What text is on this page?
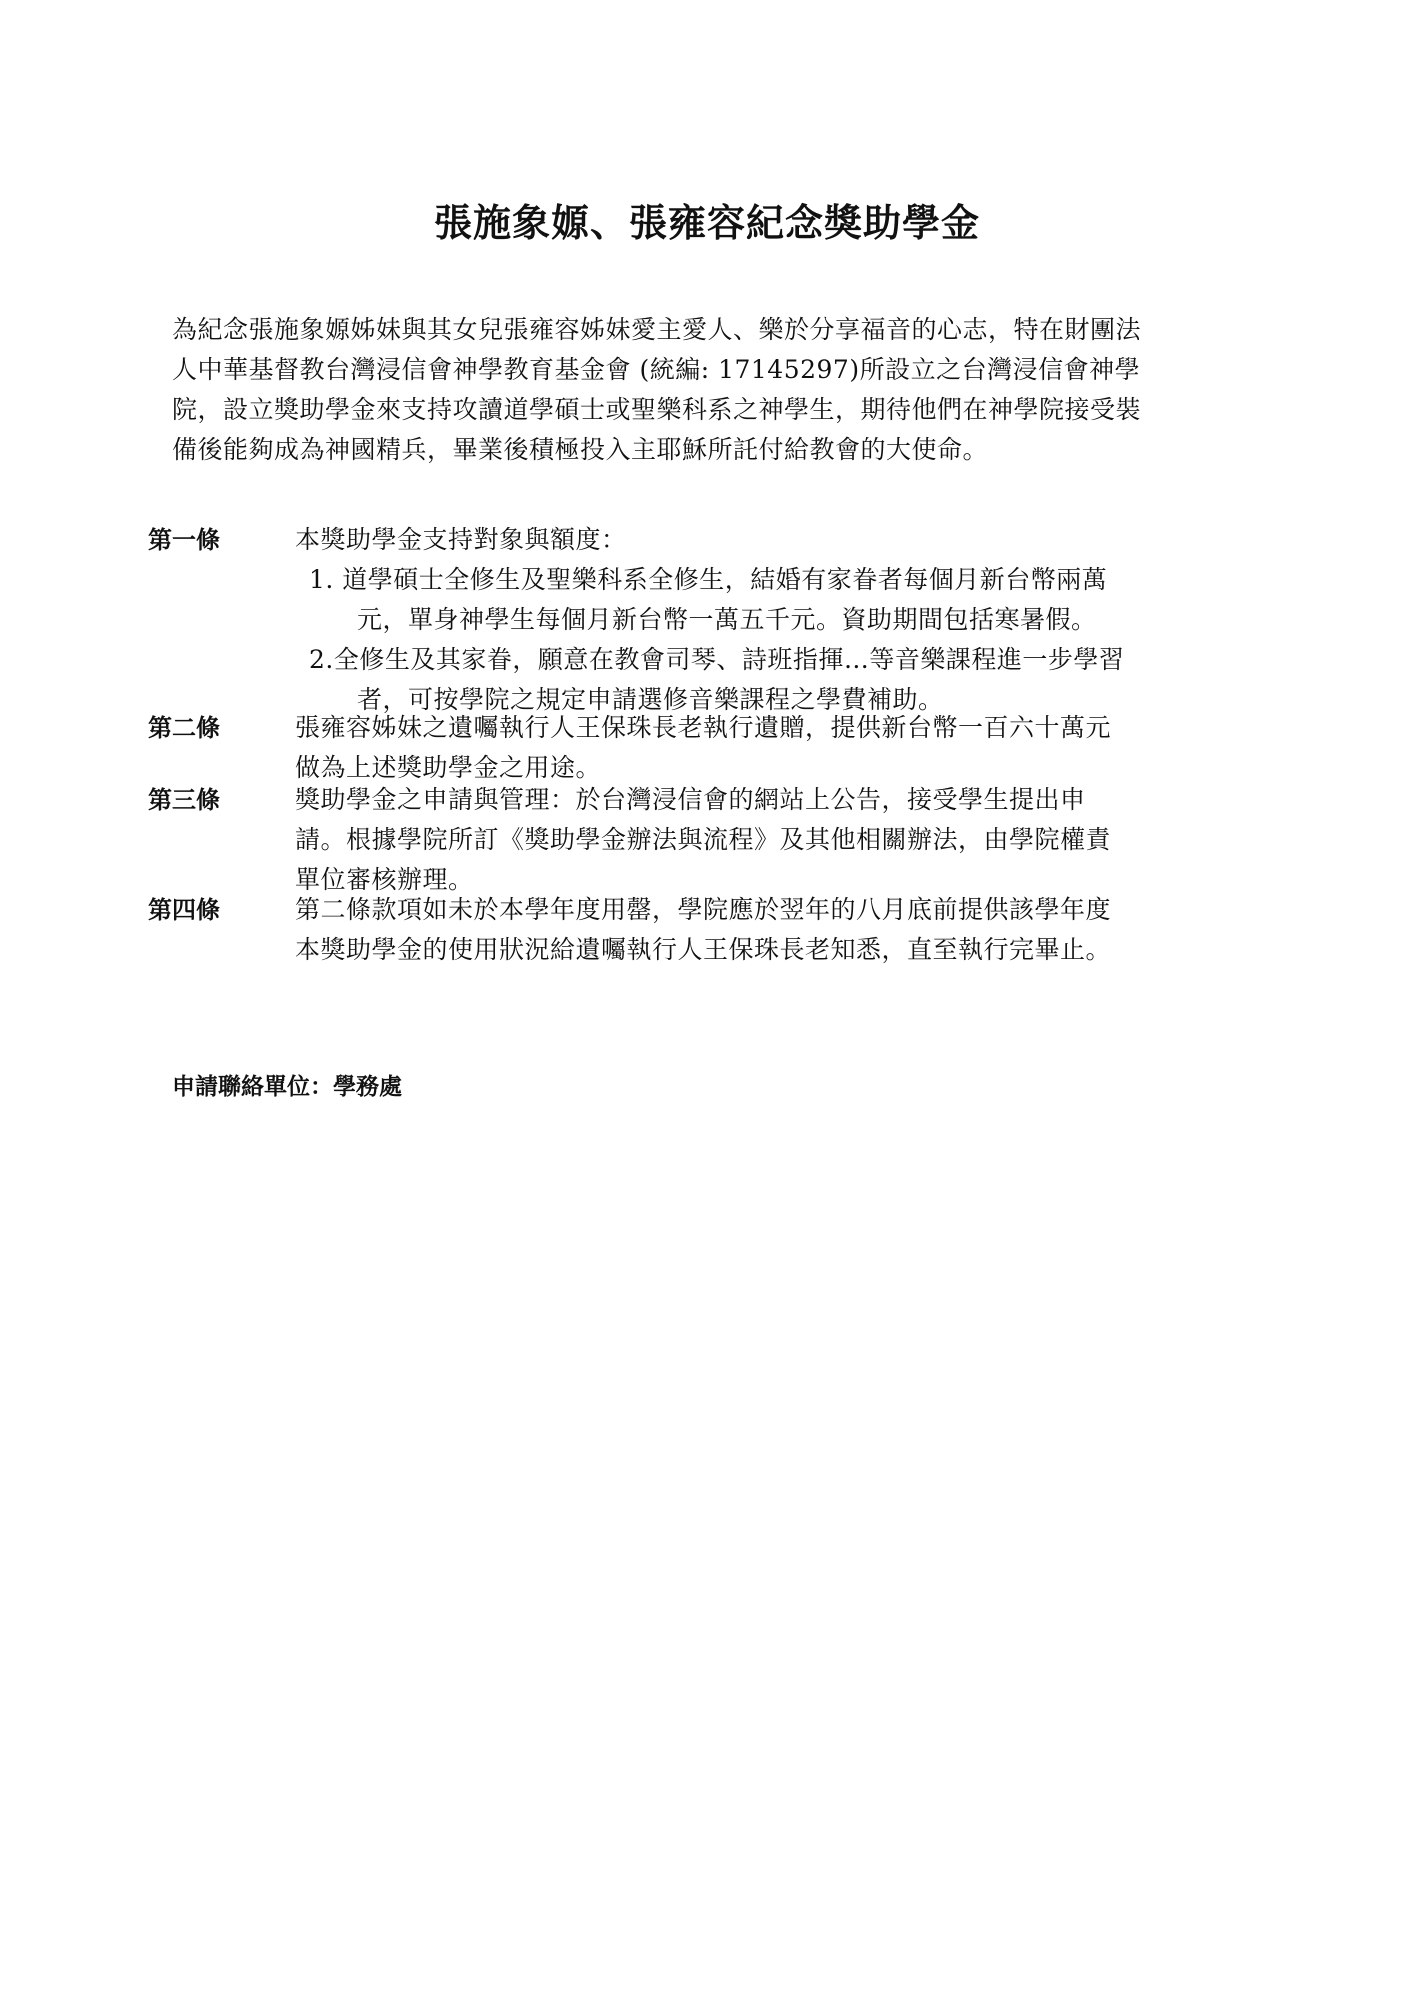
張施象嫄、張雍容紀念獎助學金
為紀念張施象嫄姊妹與其女兒張雍容姊妹愛主愛人、樂於分享福音的心志，特在財團法
人中華基督教台灣浸信會神學教育基金會 (統編: 17145297)所設立之台灣浸信會神學
院，設立獎助學金來支持攻讀道學碩士或聖樂科系之神學生，期待他們在神學院接受裝
備後能夠成為神國精兵，畢業後積極投入主耶穌所託付給教會的大使命。
第一條	本獎助學金支持對象與額度：
1. 道學碩士全修生及聖樂科系全修生，結婚有家眷者每個月新台幣兩萬
元，單身神學生每個月新台幣一萬五千元。資助期間包括寒暑假。
2.全修生及其家眷，願意在教會司琴、詩班指揮…等音樂課程進一步學習
者，可按學院之規定申請選修音樂課程之學費補助。
第二條	張雍容姊妹之遺囑執行人王保珠長老執行遺贈，提供新台幣一百六十萬元
做為上述獎助學金之用途。
第三條	獎助學金之申請與管理：於台灣浸信會的網站上公告，接受學生提出申
請。根據學院所訂《獎助學金辦法與流程》及其他相關辦法，由學院權責
單位審核辦理。
第四條	第二條款項如未於本學年度用罄，學院應於翌年的八月底前提供該學年度
本獎助學金的使用狀況給遺囑執行人王保珠長老知悉，直至執行完畢止。
申請聯絡單位：學務處
